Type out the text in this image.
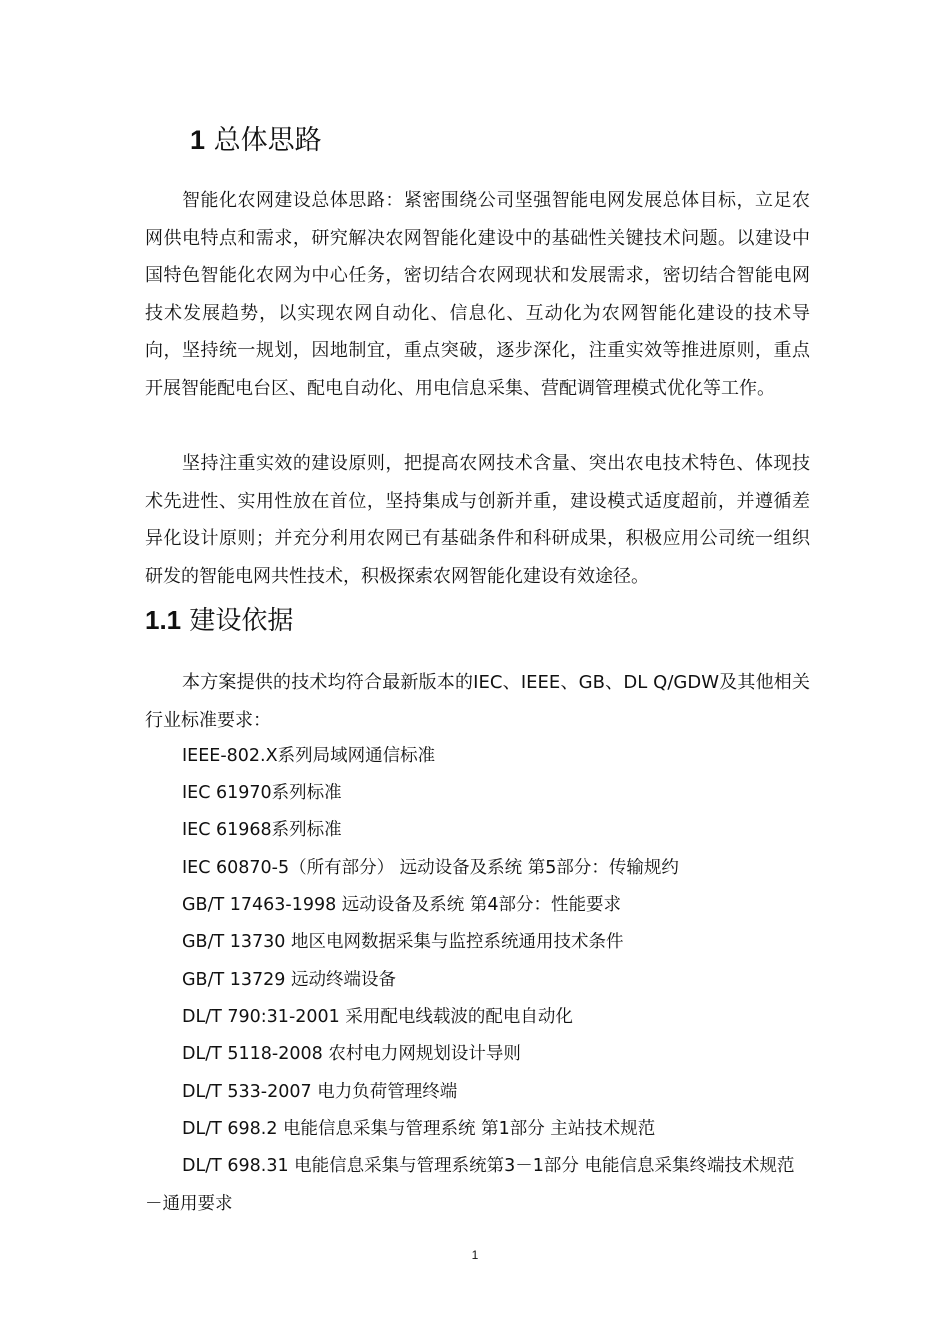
1 总体思路

智能化农网建设总体思路：紧密围绕公司坚强智能电网发展总体目标，立足农网供电特点和需求，研究解决农网智能化建设中的基础性关键技术问题。以建设中国特色智能化农网为中心任务，密切结合农网现状和发展需求，密切结合智能电网技术发展趋势，以实现农网自动化、信息化、互动化为农网智能化建设的技术导向，坚持统一规划，因地制宜，重点突破，逐步深化，注重实效等推进原则，重点开展智能配电台区、配电自动化、用电信息采集、营配调管理模式优化等工作。

坚持注重实效的建设原则，把提高农网技术含量、突出农电技术特色、体现技术先进性、实用性放在首位，坚持集成与创新并重，建设模式适度超前，并遵循差异化设计原则；并充分利用农网已有基础条件和科研成果，积极应用公司统一组织研发的智能电网共性技术，积极探索农网智能化建设有效途径。

1.1 建设依据

本方案提供的技术均符合最新版本的IEC、IEEE、GB、DL Q/GDW及其他相关行业标准要求：

IEEE-802.X系列局域网通信标准

IEC 61970系列标准

IEC 61968系列标准

IEC 60870-5（所有部分） 远动设备及系统 第5部分：传输规约

GB/T 17463-1998 远动设备及系统 第4部分：性能要求

GB/T 13730 地区电网数据采集与监控系统通用技术条件

GB/T 13729 远动终端设备

DL/T 790:31-2001 采用配电线载波的配电自动化

DL/T 5118-2008 农村电力网规划设计导则

DL/T 533-2007 电力负荷管理终端

DL/T 698.2 电能信息采集与管理系统 第1部分 主站技术规范

DL/T 698.31 电能信息采集与管理系统第3－1部分 电能信息采集终端技术规范－通用要求

1
